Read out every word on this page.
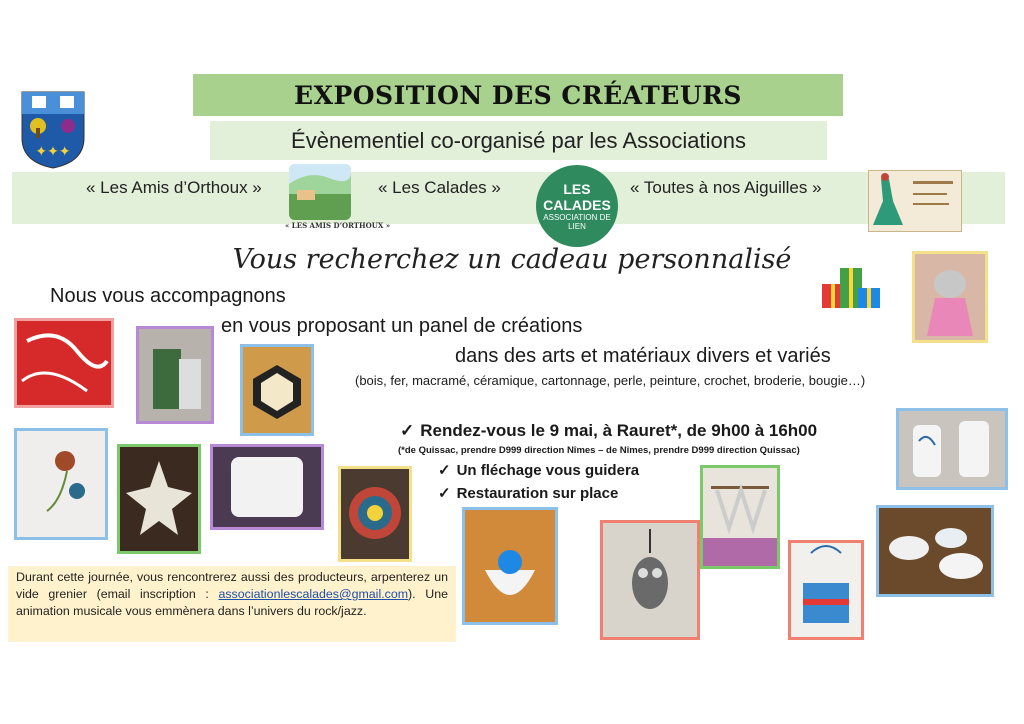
✦✦✦
EXPOSITION DES CRÉATEURS
Évènementiel co-organisé par les Associations
« Les Amis d’Orthoux »
« LES AMIS D’ORTHOUX »
« Les Calades »	LES CALADES
ASSOCIATION DE LIEN
« Toutes à nos Aiguilles »
Vous recherchez un cadeau personnalisé
Nous vous accompagnons
en vous proposant un panel de créations
dans des arts et matériaux divers et variés
(bois, fer, macramé, céramique, cartonnage, perle, peinture, crochet, broderie, bougie…)
✓ Rendez-vous le 9 mai, à Rauret*, de 9h00 à 16h00
(*de Quissac, prendre D999 direction Nîmes – de Nîmes, prendre D999 direction Quissac)
✓ Un fléchage vous guidera
✓ Restauration sur place
Durant cette journée, vous rencontrerez aussi des producteurs, arpenterez un vide grenier (email inscription : associationlescalades@gmail.com). Une animation musicale vous emmènera dans l’univers du rock/jazz.
